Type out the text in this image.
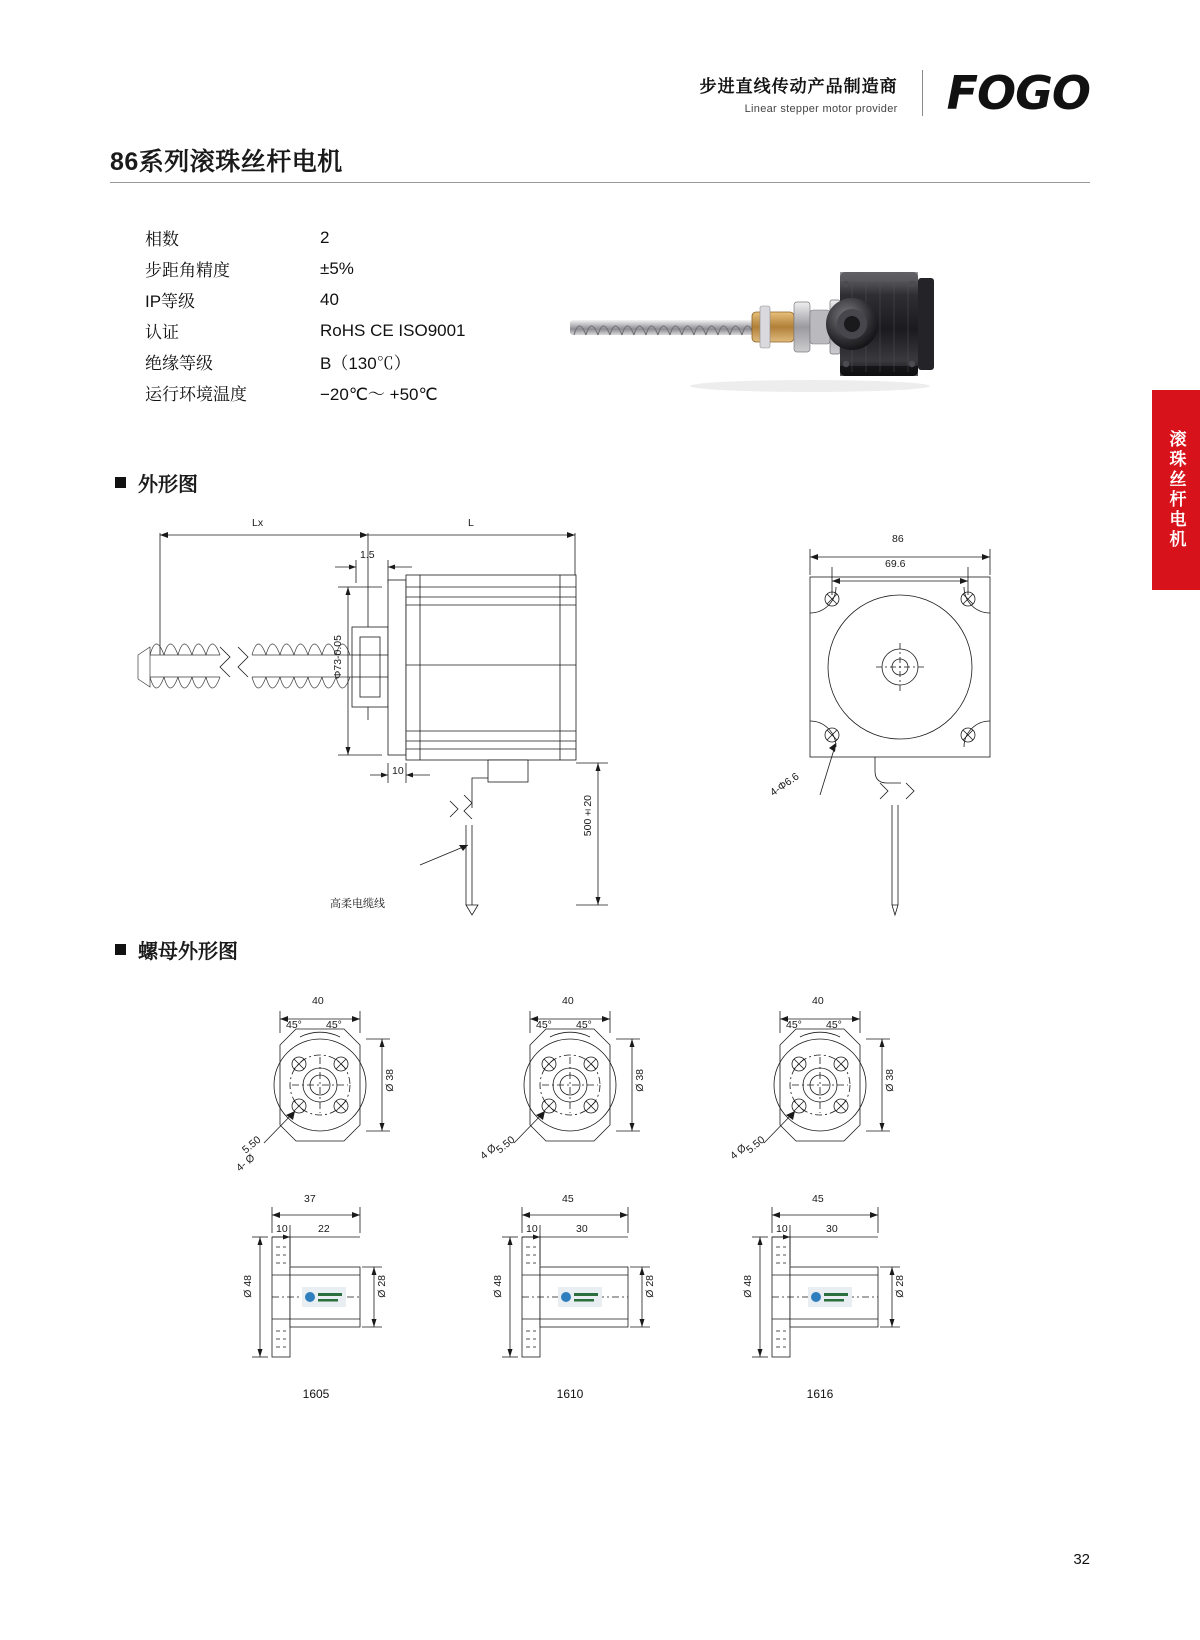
步进直线传动产品制造商
Linear stepper motor provider FOGO
86系列滚珠丝杆电机
相数	2
步距角精度	±5%
IP等级	40
认证	RoHS CE ISO9001
绝缘等级	B（130℃）
运行环境温度	−20℃～ +50℃
滚珠丝杆电机
外形图
Lx	L
1.5
10
Φ73-0.05
500±20
高柔电缆线
86
69.6
4-Φ6.6
螺母外形图
40
45° 45°
Ø 38
5.50
4- Ø
37
10	22
Ø 48	Ø 28
1605
40
45° 45°
Ø 38
5.50
4 Ø
45
10	30
Ø 48	Ø 28
1610
40
45° 45°
Ø 38
5.50
4 Ø
45
10	30
Ø 48	Ø 28
1616
32
